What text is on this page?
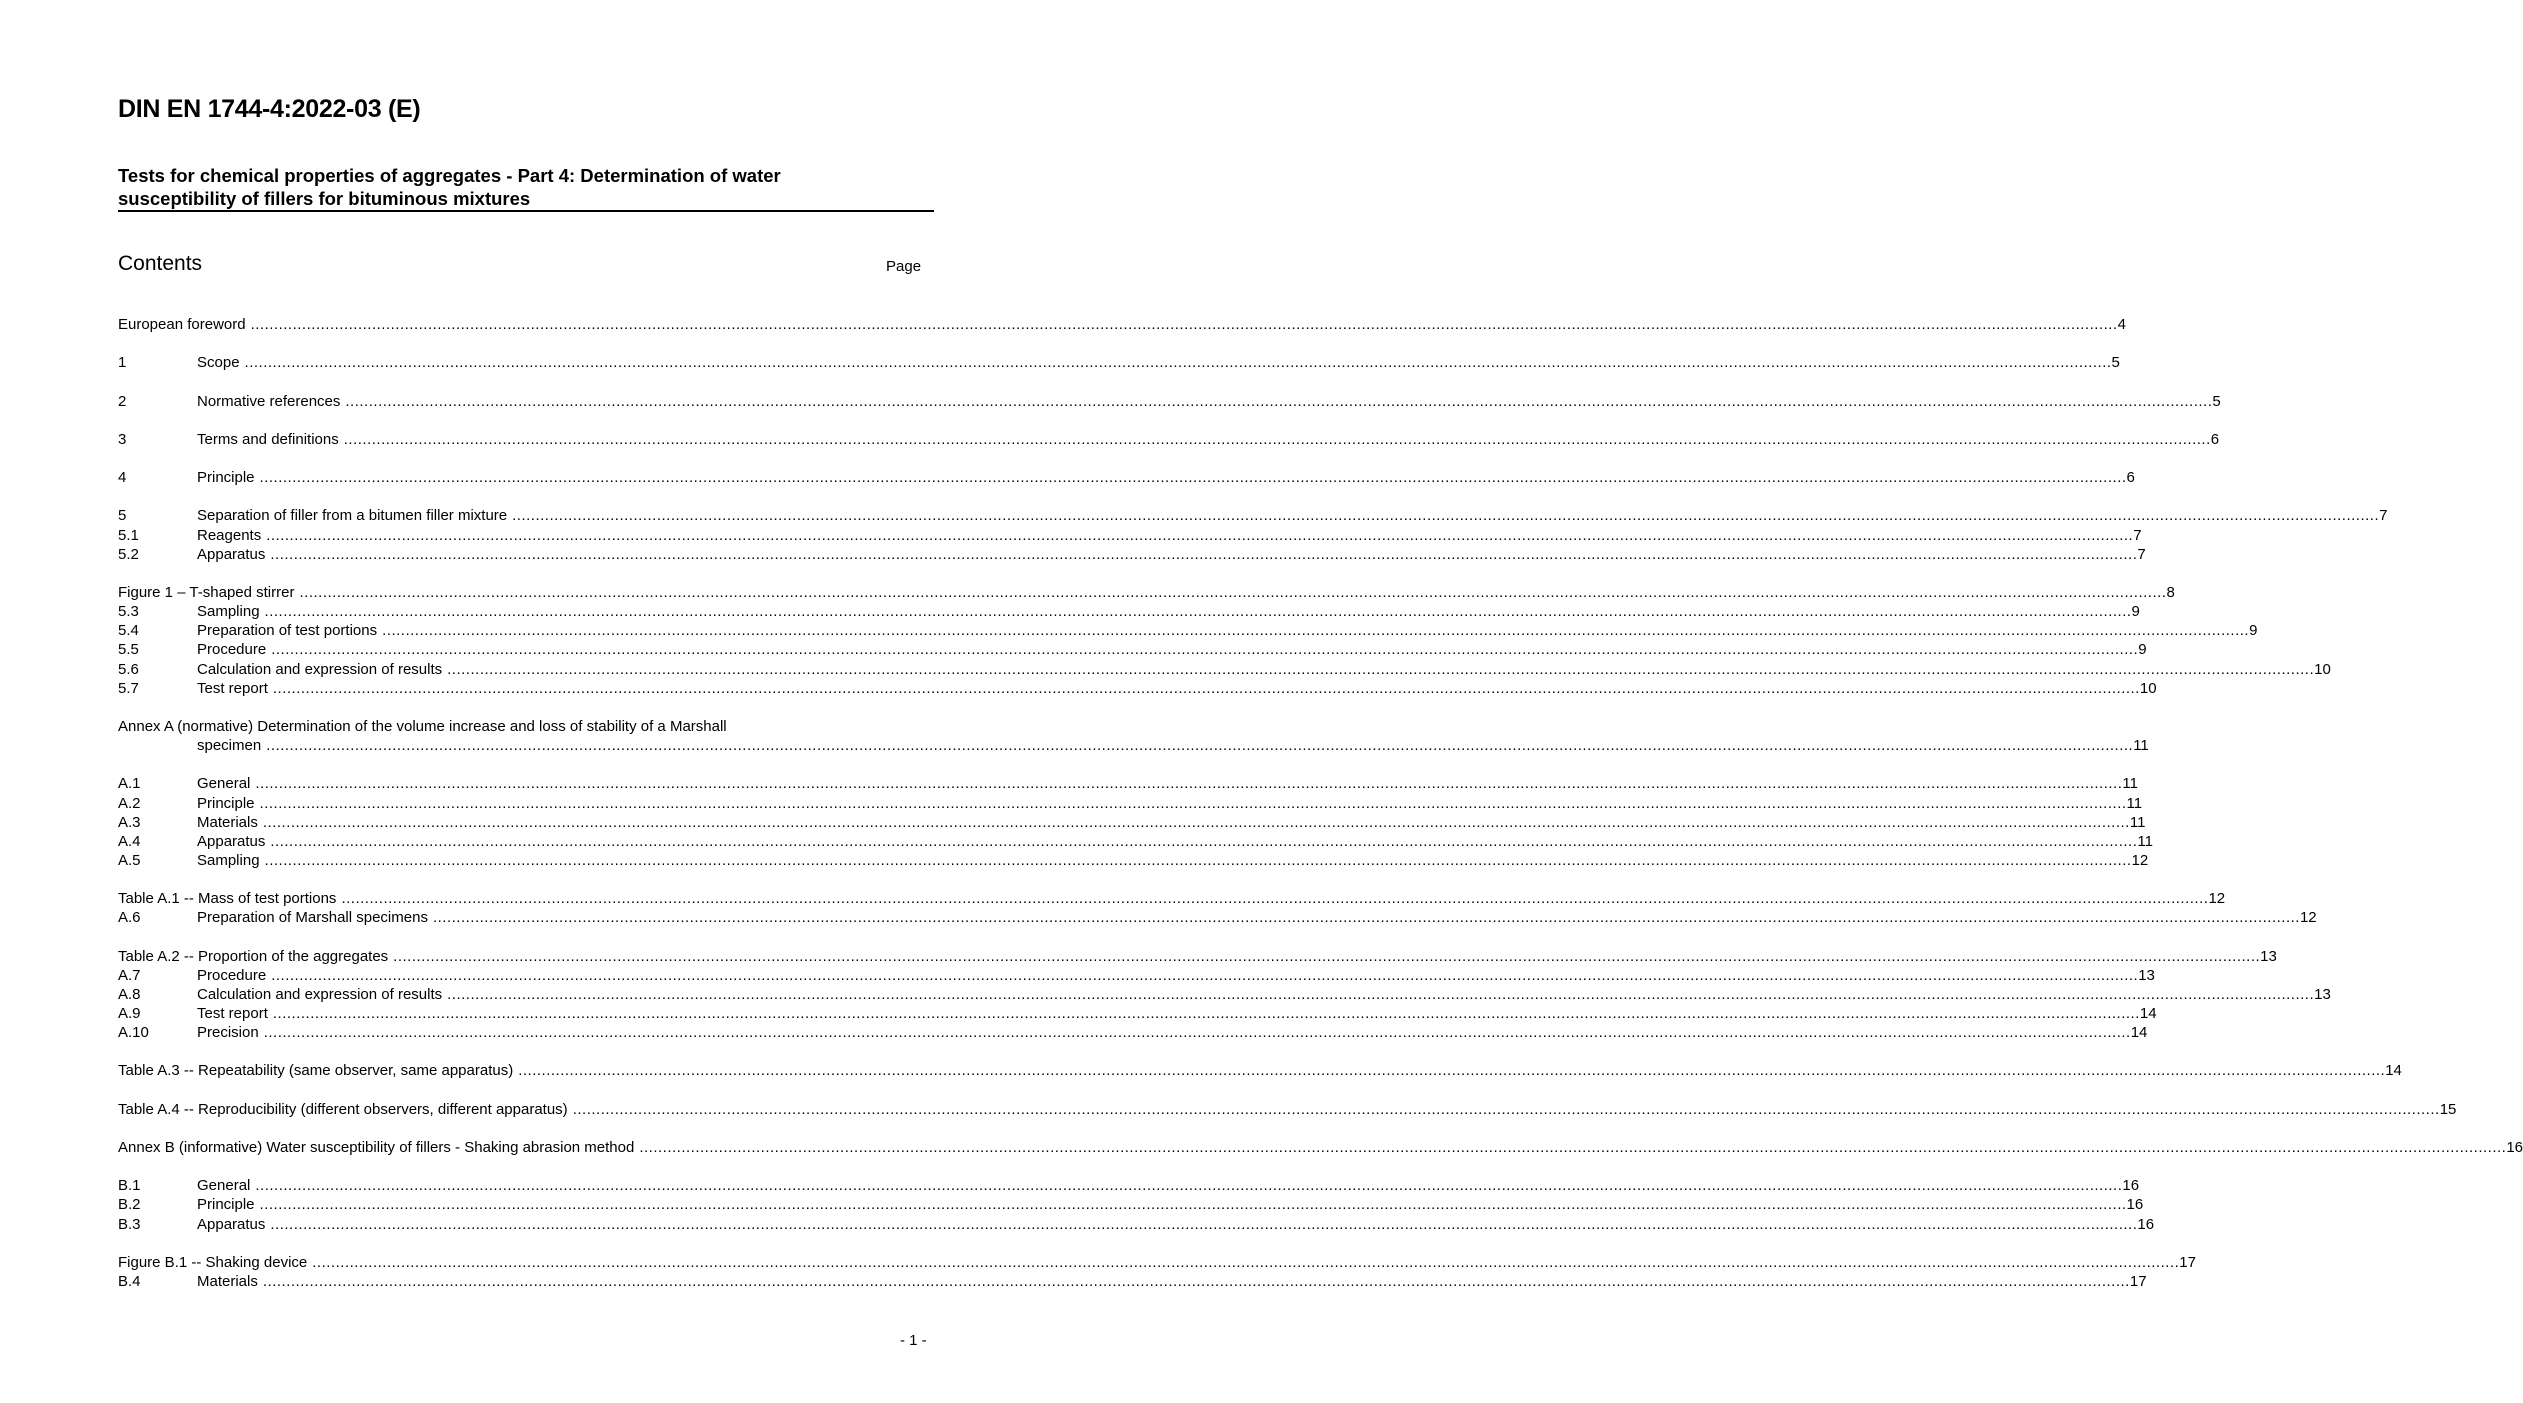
DIN EN 1744-4:2022-03 (E)
Tests for chemical properties of aggregates - Part 4: Determination of water
susceptibility of fillers for bituminous mixtures
Contents	Page
European foreword ................................................................................................................................................................................................................................................................................................................................................................................................................ 4
1	Scope ................................................................................................................................................................................................................................................................................................................................................................................................................ 5
2	Normative references ................................................................................................................................................................................................................................................................................................................................................................................................................ 5
3	Terms and definitions ................................................................................................................................................................................................................................................................................................................................................................................................................ 6
4	Principle ................................................................................................................................................................................................................................................................................................................................................................................................................ 6
5	Separation of filler from a bitumen filler mixture ................................................................................................................................................................................................................................................................................................................................................................................................................ 7
5.1	Reagents ................................................................................................................................................................................................................................................................................................................................................................................................................ 7
5.2	Apparatus ................................................................................................................................................................................................................................................................................................................................................................................................................ 7
Figure 1 – T-shaped stirrer ................................................................................................................................................................................................................................................................................................................................................................................................................ 8
5.3	Sampling ................................................................................................................................................................................................................................................................................................................................................................................................................ 9
5.4	Preparation of test portions ................................................................................................................................................................................................................................................................................................................................................................................................................ 9
5.5	Procedure ................................................................................................................................................................................................................................................................................................................................................................................................................ 9
5.6	Calculation and expression of results ................................................................................................................................................................................................................................................................................................................................................................................................................ 10
5.7	Test report ................................................................................................................................................................................................................................................................................................................................................................................................................ 10
Annex A (normative) Determination of the volume increase and loss of stability of a Marshall
specimen ................................................................................................................................................................................................................................................................................................................................................................................................................ 11
A.1	General ................................................................................................................................................................................................................................................................................................................................................................................................................ 11
A.2	Principle ................................................................................................................................................................................................................................................................................................................................................................................................................ 11
A.3	Materials ................................................................................................................................................................................................................................................................................................................................................................................................................ 11
A.4	Apparatus ................................................................................................................................................................................................................................................................................................................................................................................................................ 11
A.5	Sampling ................................................................................................................................................................................................................................................................................................................................................................................................................ 12
Table A.1 -- Mass of test portions ................................................................................................................................................................................................................................................................................................................................................................................................................ 12
A.6	Preparation of Marshall specimens ................................................................................................................................................................................................................................................................................................................................................................................................................ 12
Table A.2 -- Proportion of the aggregates ................................................................................................................................................................................................................................................................................................................................................................................................................ 13
A.7	Procedure ................................................................................................................................................................................................................................................................................................................................................................................................................ 13
A.8	Calculation and expression of results ................................................................................................................................................................................................................................................................................................................................................................................................................ 13
A.9	Test report ................................................................................................................................................................................................................................................................................................................................................................................................................ 14
A.10	Precision ................................................................................................................................................................................................................................................................................................................................................................................................................ 14
Table A.3 -- Repeatability (same observer, same apparatus) ................................................................................................................................................................................................................................................................................................................................................................................................................ 14
Table A.4 -- Reproducibility (different observers, different apparatus) ................................................................................................................................................................................................................................................................................................................................................................................................................ 15
Annex B (informative) Water susceptibility of fillers - Shaking abrasion method ................................................................................................................................................................................................................................................................................................................................................................................................................ 16
B.1	General ................................................................................................................................................................................................................................................................................................................................................................................................................ 16
B.2	Principle ................................................................................................................................................................................................................................................................................................................................................................................................................ 16
B.3	Apparatus ................................................................................................................................................................................................................................................................................................................................................................................................................ 16
Figure B.1 -- Shaking device ................................................................................................................................................................................................................................................................................................................................................................................................................ 17
B.4	Materials ................................................................................................................................................................................................................................................................................................................................................................................................................ 17
- 1 -
